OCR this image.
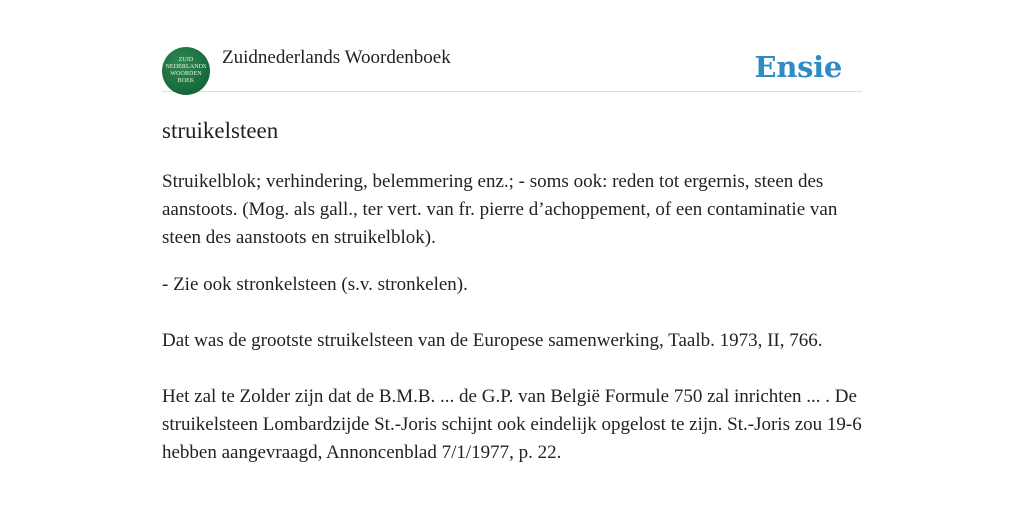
ZUID
NEDERLANDS
WOORDEN
BOEK
Zuidnederlands Woordenboek	Ensie
struikelsteen

Struikelblok; verhindering, belemmering enz.; - soms ook: reden tot ergernis, steen des aanstoots. (Mog. als gall., ter vert. van fr. pierre d’achoppement, of een contaminatie van steen des aanstoots en struikelblok).

- Zie ook stronkelsteen (s.v. stronkelen).

Dat was de grootste struikelsteen van de Europese samenwerking, Taalb. 1973, II, 766.

Het zal te Zolder zijn dat de B.M.B. ... de G.P. van België Formule 750 zal inrichten ... . De struikelsteen Lombardzijde St.-Joris schijnt ook eindelijk opgelost te zijn. St.-Joris zou 19-6 hebben aangevraagd, Annoncenblad 7/1/1977, p. 22.
